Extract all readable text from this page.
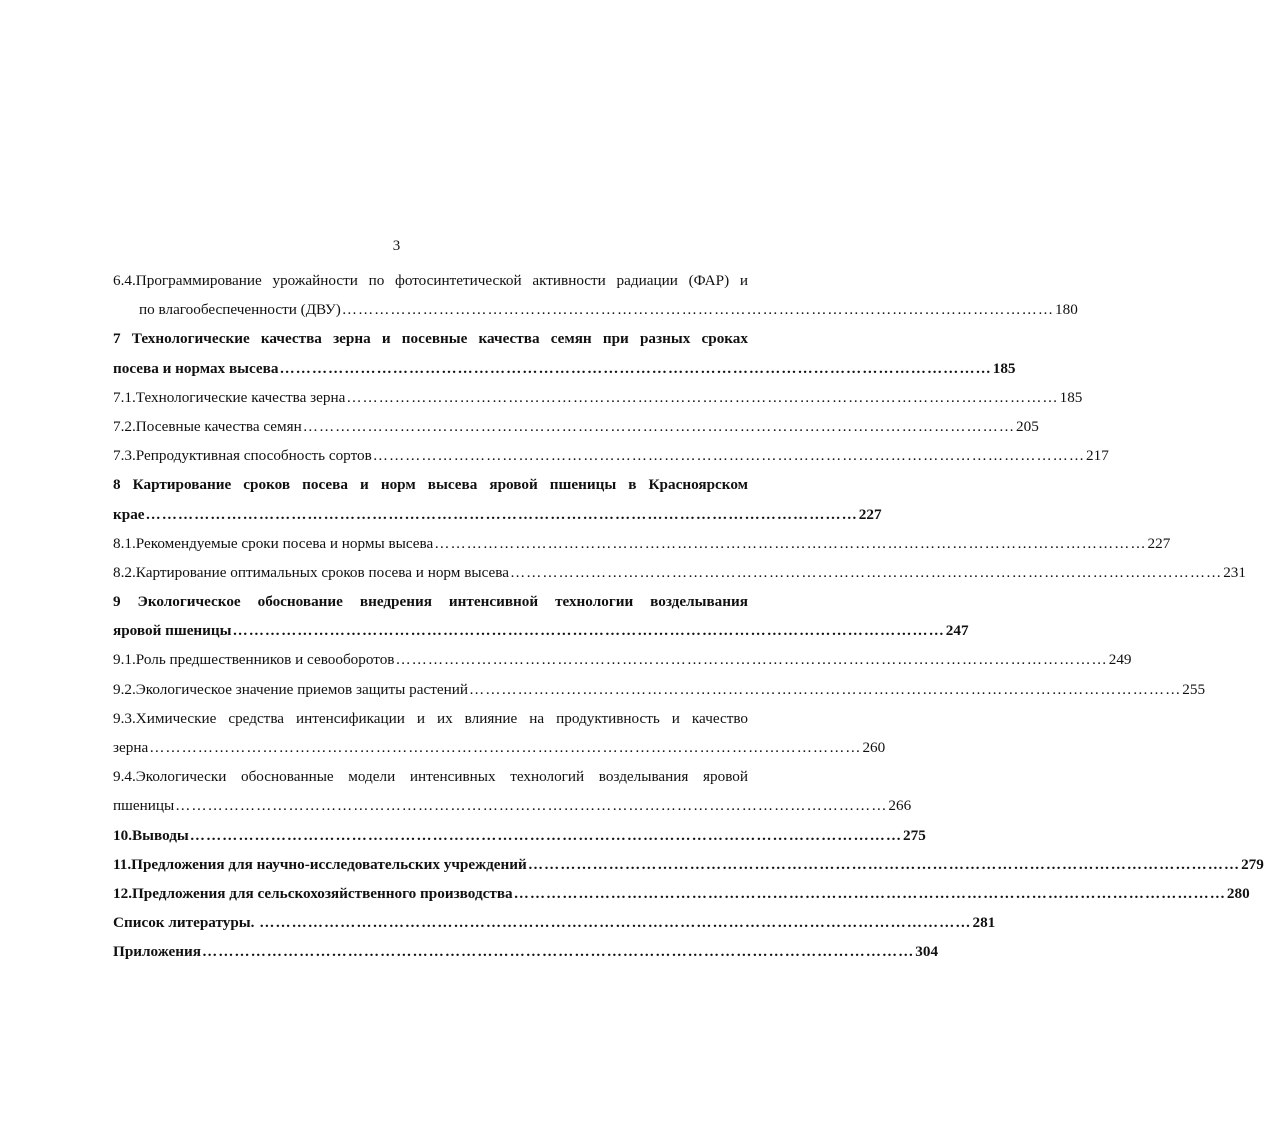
3
6.4.Программирование урожайности по фотосинтетической активности радиации (ФАР) и
по влагообеспеченности (ДВУ) …………………………………………………………………………………………………………………… 180
7 Технологические качества зерна и посевные качества семян при разных сроках
посева и нормах высева …………………………………………………………………………………………………………………… 185
7.1.Технологические качества зерна …………………………………………………………………………………………………………………… 185
7.2.Посевные качества семян …………………………………………………………………………………………………………………… 205
7.3.Репродуктивная способность сортов …………………………………………………………………………………………………………………… 217
8 Картирование сроков посева и норм высева яровой пшеницы в Красноярском
крае …………………………………………………………………………………………………………………… 227
8.1.Рекомендуемые сроки посева и нормы высева …………………………………………………………………………………………………………………… 227
8.2.Картирование оптимальных сроков посева и норм высева …………………………………………………………………………………………………………………… 231
9 Экологическое обоснование внедрения интенсивной технологии возделывания
яровой пшеницы …………………………………………………………………………………………………………………… 247
9.1.Роль предшественников и севооборотов …………………………………………………………………………………………………………………… 249
9.2.Экологическое значение приемов защиты растений …………………………………………………………………………………………………………………… 255
9.3.Химические средства интенсификации и их влияние на продуктивность и качество
зерна …………………………………………………………………………………………………………………… 260
9.4.Экологически обоснованные модели интенсивных технологий возделывания яровой
пшеницы …………………………………………………………………………………………………………………… 266
10.Выводы …………………………………………………………………………………………………………………… 275
11.Предложения для научно-исследовательских учреждений …………………………………………………………………………………………………………………… 279
12.Предложения для сельскохозяйственного производства …………………………………………………………………………………………………………………… 280
Список литературы. …………………………………………………………………………………………………………………… 281
Приложения …………………………………………………………………………………………………………………… 304
